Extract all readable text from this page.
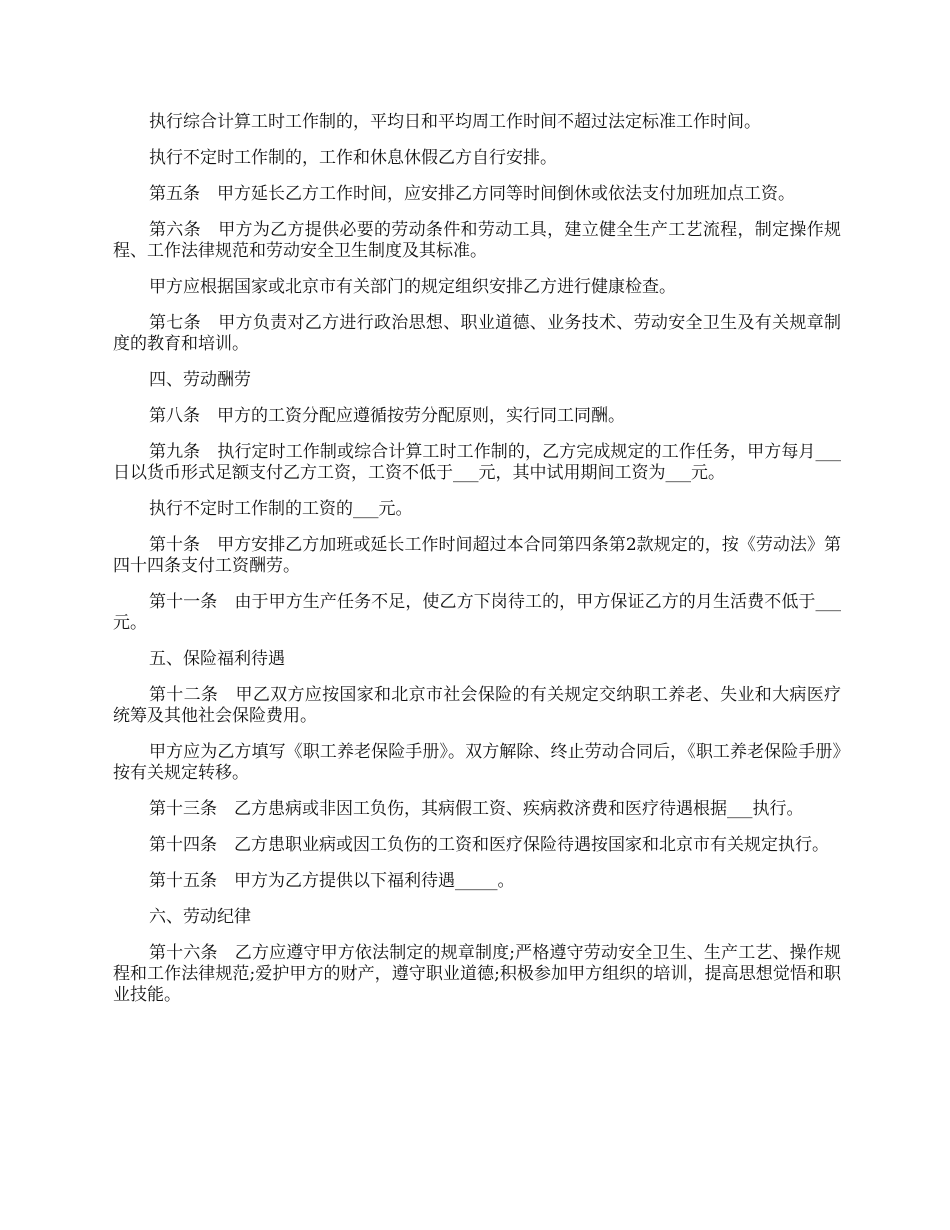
执行综合计算工时工作制的，平均日和平均周工作时间不超过法定标准工作时间。

执行不定时工作制的，工作和休息休假乙方自行安排。

第五条　甲方延长乙方工作时间，应安排乙方同等时间倒休或依法支付加班加点工资。

第六条　甲方为乙方提供必要的劳动条件和劳动工具，建立健全生产工艺流程，制定操作规程、工作法律规范和劳动安全卫生制度及其标准。

甲方应根据国家或北京市有关部门的规定组织安排乙方进行健康检查。

第七条　甲方负责对乙方进行政治思想、职业道德、业务技术、劳动安全卫生及有关规章制度的教育和培训。

四、劳动酬劳

第八条　甲方的工资分配应遵循按劳分配原则，实行同工同酬。

第九条　执行定时工作制或综合计算工时工作制的，乙方完成规定的工作任务，甲方每月___日以货币形式足额支付乙方工资，工资不低于___元，其中试用期间工资为___元。

执行不定时工作制的工资的___元。

第十条　甲方安排乙方加班或延长工作时间超过本合同第四条第2款规定的，按《劳动法》第四十四条支付工资酬劳。

第十一条　由于甲方生产任务不足，使乙方下岗待工的，甲方保证乙方的月生活费不低于___元。

五、保险福利待遇

第十二条　甲乙双方应按国家和北京市社会保险的有关规定交纳职工养老、失业和大病医疗统筹及其他社会保险费用。

甲方应为乙方填写《职工养老保险手册》。双方解除、终止劳动合同后，《职工养老保险手册》按有关规定转移。

第十三条　乙方患病或非因工负伤，其病假工资、疾病救济费和医疗待遇根据___执行。

第十四条　乙方患职业病或因工负伤的工资和医疗保险待遇按国家和北京市有关规定执行。

第十五条　甲方为乙方提供以下福利待遇_____。

六、劳动纪律

第十六条　乙方应遵守甲方依法制定的规章制度;严格遵守劳动安全卫生、生产工艺、操作规程和工作法律规范;爱护甲方的财产，遵守职业道德;积极参加甲方组织的培训，提高思想觉悟和职业技能。
